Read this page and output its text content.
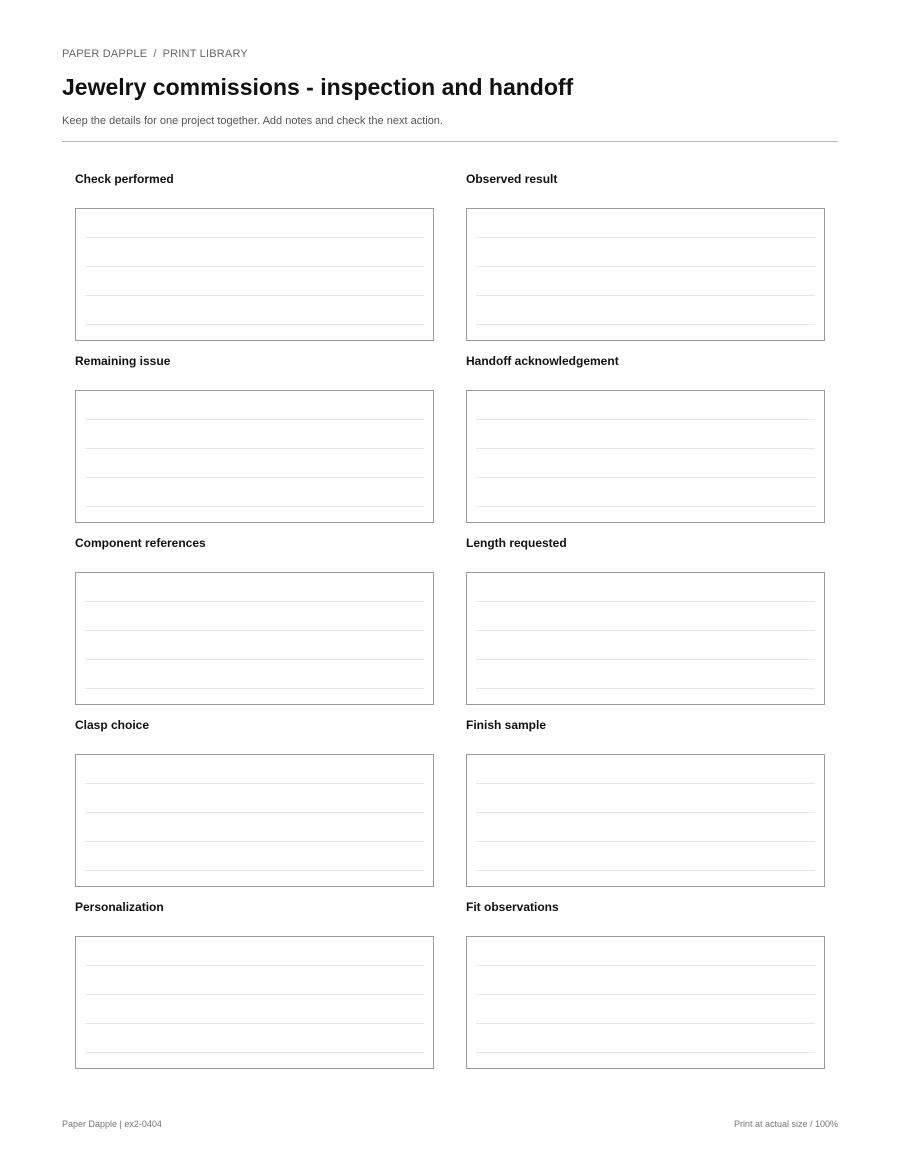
PAPER DAPPLE / PRINT LIBRARY
Jewelry commissions - inspection and handoff

Keep the details for one project together. Add notes and check the next action.

Check performed	Observed result
Remaining issue	Handoff acknowledgement
Component references	Length requested
Clasp choice	Finish sample
Personalization	Fit observations
Paper Dapple | ex2-0404	Print at actual size / 100%
